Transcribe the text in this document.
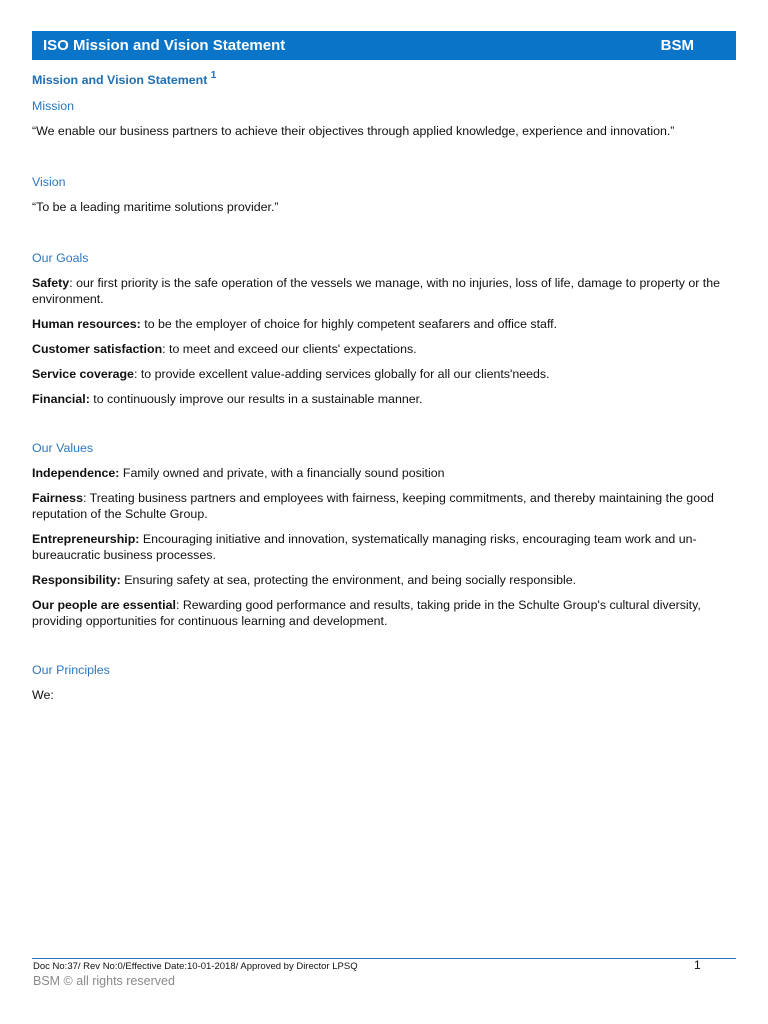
ISO Mission and Vision Statement	BSM

Mission and Vision Statement $^1$

Mission

“We enable our business partners to achieve their objectives through applied knowledge, experience and innovation.”

Vision

“To be a leading maritime solutions provider.”

Our Goals

Safety: our first priority is the safe operation of the vessels we manage, with no injuries, loss of life, damage to property or the environment.

Human resources: to be the employer of choice for highly competent seafarers and office staff.

Customer satisfaction: to meet and exceed our clients' expectations.

Service coverage: to provide excellent value-adding services globally for all our clients'needs.

Financial: to continuously improve our results in a sustainable manner.

Our Values

Independence: Family owned and private, with a financially sound position

Fairness: Treating business partners and employees with fairness, keeping commitments, and thereby maintaining the good reputation of the Schulte Group.

Entrepreneurship: Encouraging initiative and innovation, systematically managing risks, encouraging team work and un-bureaucratic business processes.

Responsibility: Ensuring safety at sea, protecting the environment, and being socially responsible.

Our people are essential: Rewarding good performance and results, taking pride in the Schulte Group's cultural diversity, providing opportunities for continuous learning and development.

Our Principles

We:

Doc No:37/ Rev No:0/Effective Date:10-01-2018/ Approved by Director LPSQ	1
BSM © all rights reserved
